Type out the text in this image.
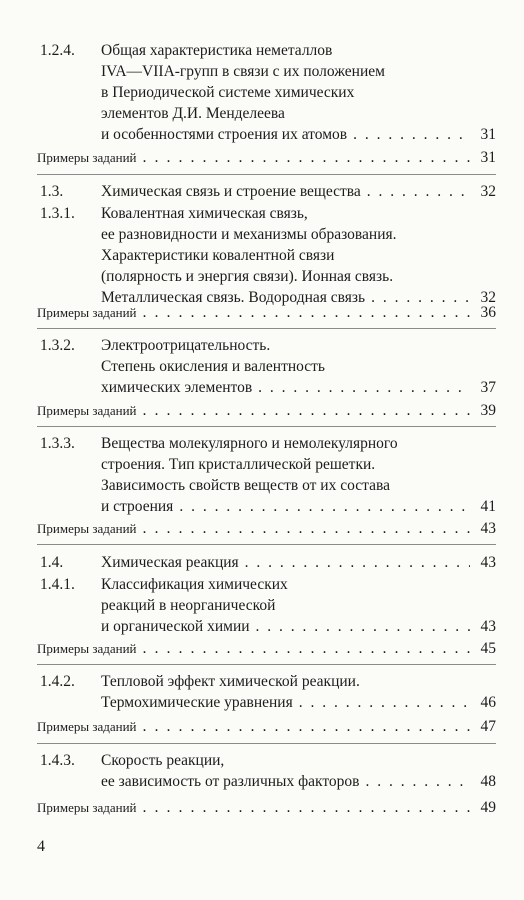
1.2.4. Общая характеристика неметаллов
IVA—VIIA-групп в связи с их положением
в Периодической системе химических
элементов Д.И. Менделеева
и особенностями строения их атомов . . .	31
Примеры заданий . . .	31
1.3. Химическая связь и строение вещества . . .	32
1.3.1. Ковалентная химическая связь,
ее разновидности и механизмы образования.
Характеристики ковалентной связи
(полярность и энергия связи). Ионная связь.
Металлическая связь. Водородная связь . . .	32
Примеры заданий . . .	36
1.3.2. Электроотрицательность.
Степень окисления и валентность
химических элементов . . .	37
Примеры заданий . . .	39
1.3.3. Вещества молекулярного и немолекулярного
строения. Тип кристаллической решетки.
Зависимость свойств веществ от их состава
и строения . . .	41
Примеры заданий . . .	43
1.4. Химическая реакция . . .	43
1.4.1. Классификация химических
реакций в неорганической
и органической химии . . .	43
Примеры заданий . . .	45
1.4.2. Тепловой эффект химической реакции.
Термохимические уравнения . . .	46
Примеры заданий . . .	47
1.4.3. Скорость реакции,
ее зависимость от различных факторов . . .	48
Примеры заданий . . .	49
4
